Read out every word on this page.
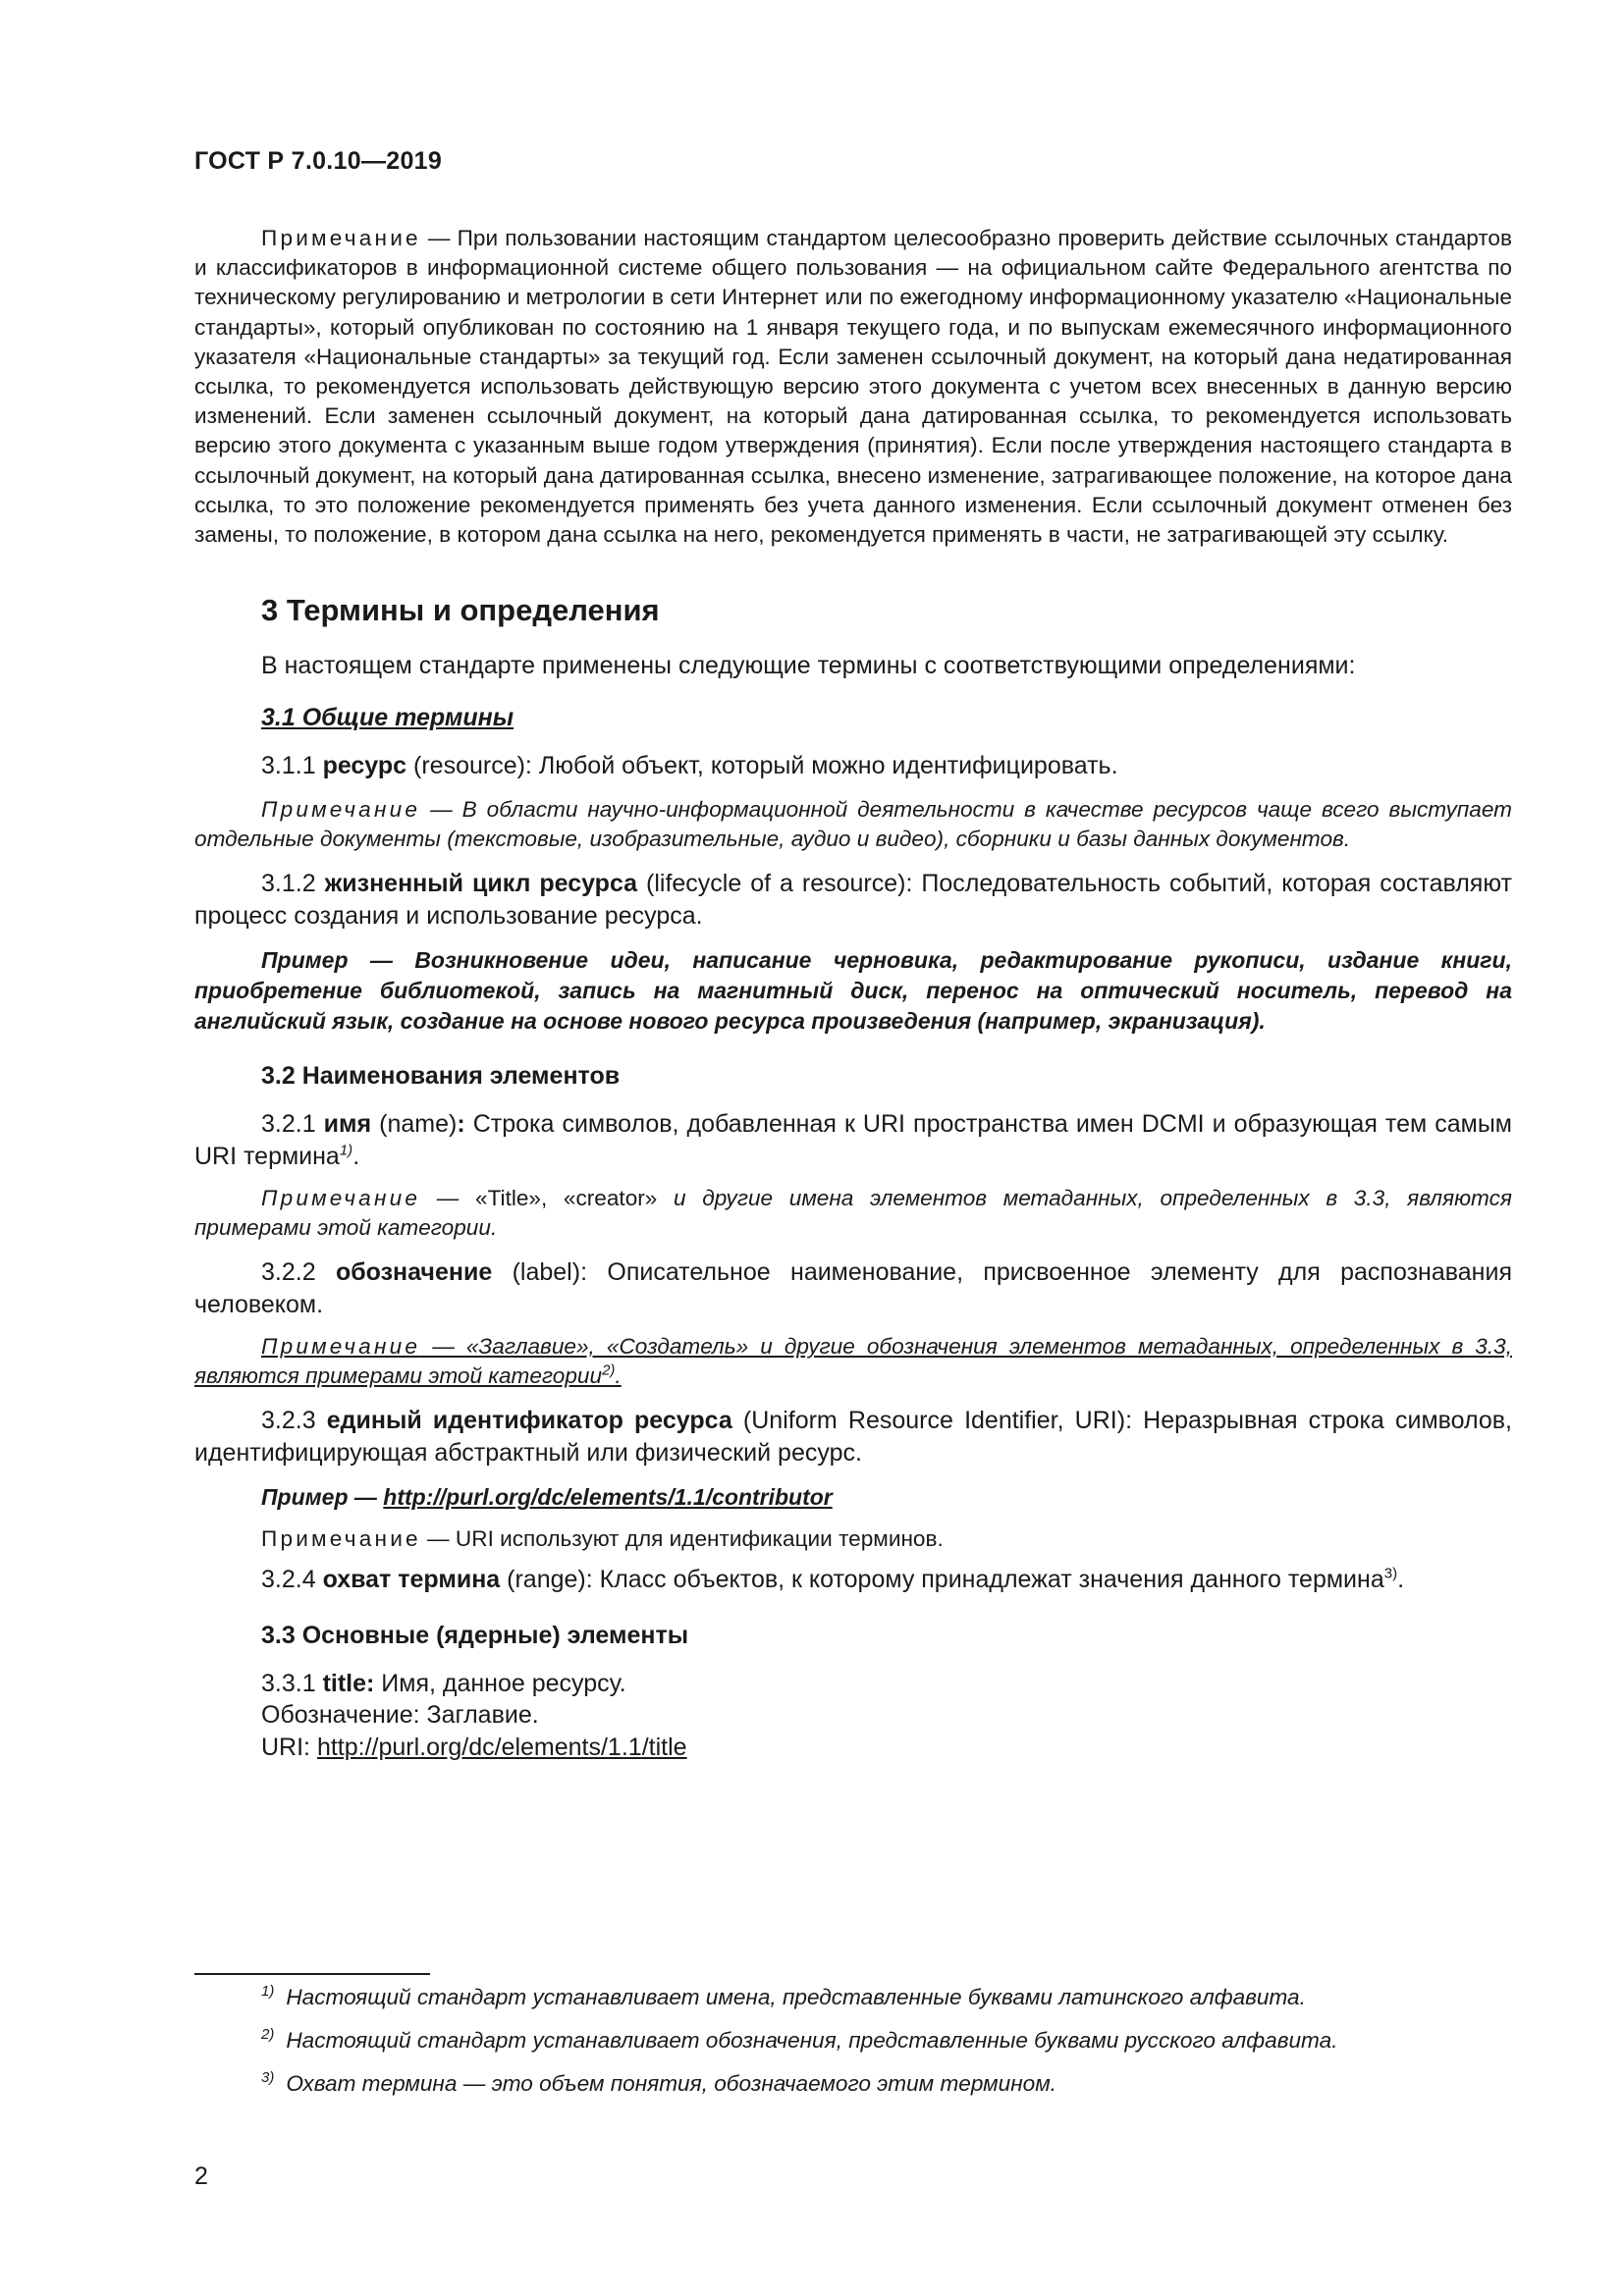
ГОСТ Р 7.0.10—2019

Примечание — При пользовании настоящим стандартом целесообразно проверить действие ссылочных стандартов и классификаторов в информационной системе общего пользования — на официальном сайте Федерального агентства по техническому регулированию и метрологии в сети Интернет или по ежегодному информационному указателю «Национальные стандарты», который опубликован по состоянию на 1 января текущего года, и по выпускам ежемесячного информационного указателя «Национальные стандарты» за текущий год. Если заменен ссылочный документ, на который дана недатированная ссылка, то рекомендуется использовать действующую версию этого документа с учетом всех внесенных в данную версию изменений. Если заменен ссылочный документ, на который дана датированная ссылка, то рекомендуется использовать версию этого документа с указанным выше годом утверждения (принятия). Если после утверждения настоящего стандарта в ссылочный документ, на который дана датированная ссылка, внесено изменение, затрагивающее положение, на которое дана ссылка, то это положение рекомендуется применять без учета данного изменения. Если ссылочный документ отменен без замены, то положение, в котором дана ссылка на него, рекомендуется применять в части, не затрагивающей эту ссылку.

3 Термины и определения

В настоящем стандарте применены следующие термины с соответствующими определениями:

3.1 Общие термины

3.1.1 ресурс (resource): Любой объект, который можно идентифицировать.

Примечание — В области научно-информационной деятельности в качестве ресурсов чаще всего выступает отдельные документы (текстовые, изобразительные, аудио и видео), сборники и базы данных документов.

3.1.2 жизненный цикл ресурса (lifecycle of a resource): Последовательность событий, которая составляют процесс создания и использование ресурса.

Пример — Возникновение идеи, написание черновика, редактирование рукописи, издание книги, приобретение библиотекой, запись на магнитный диск, перенос на оптический носитель, перевод на английский язык, создание на основе нового ресурса произведения (например, экранизация).

3.2 Наименования элементов

3.2.1 имя (name): Строка символов, добавленная к URI пространства имен DCMI и образующая тем самым URI термина$^{1)}$.

Примечание — «Title», «creator» и другие имена элементов метаданных, определенных в 3.3, являются примерами этой категории.

3.2.2 обозначение (label): Описательное наименование, присвоенное элементу для распознавания человеком.

Примечание — «Заглавие», «Создатель» и другие обозначения элементов метаданных, определенных в 3.3, являются примерами этой категории$^{2)}$.

3.2.3 единый идентификатор ресурса (Uniform Resource Identifier, URI): Неразрывная строка символов, идентифицирующая абстрактный или физический ресурс.

Пример — http://purl.org/dc/elements/1.1/contributor

Примечание — URI используют для идентификации терминов.

3.2.4 охват термина (range): Класс объектов, к которому принадлежат значения данного термина$^{3)}$.

3.3 Основные (ядерные) элементы

3.3.1 title: Имя, данное ресурсу.
Обозначение: Заглавие.
URI: http://purl.org/dc/elements/1.1/title

$^{1)}$ Настоящий стандарт устанавливает имена, представленные буквами латинского алфавита.

$^{2)}$ Настоящий стандарт устанавливает обозначения, представленные буквами русского алфавита.

$^{3)}$ Охват термина — это объем понятия, обозначаемого этим термином.

2
